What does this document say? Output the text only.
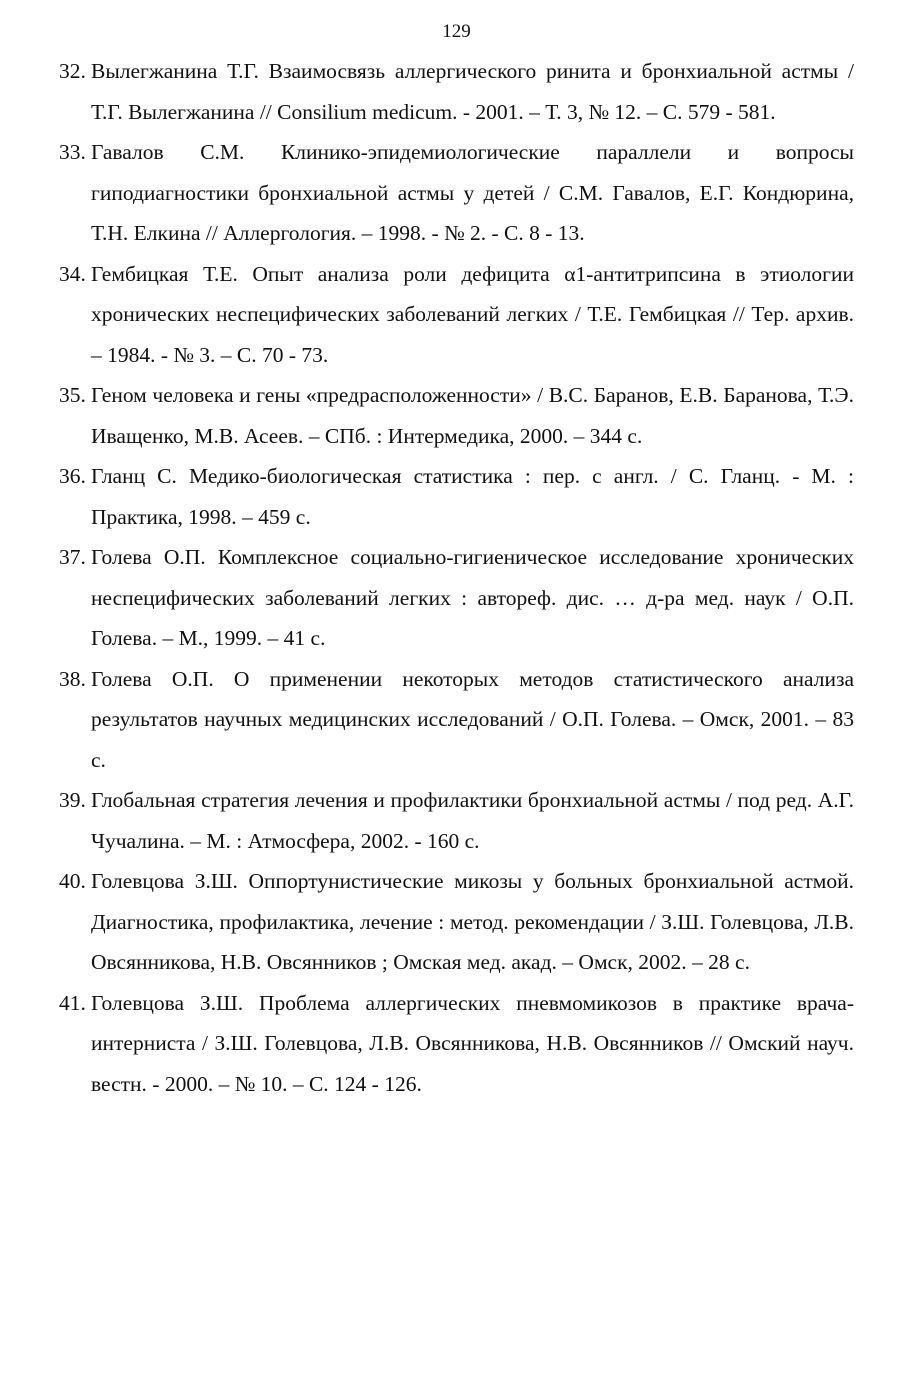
129
32. Вылегжанина Т.Г. Взаимосвязь аллергического ринита и бронхиальной астмы / Т.Г. Вылегжанина // Consilium medicum. - 2001. – Т. 3, № 12. – С. 579 - 581.
33. Гавалов С.М. Клинико-эпидемиологические параллели и вопросы гиподиагностики бронхиальной астмы у детей / С.М. Гавалов, Е.Г. Кондюрина, Т.Н. Елкина // Аллергология. – 1998. - № 2. - С. 8 - 13.
34. Гембицкая Т.Е. Опыт анализа роли дефицита α1-антитрипсина в этиологии хронических неспецифических заболеваний легких / Т.Е. Гембицкая // Тер. архив. – 1984. - № 3. – С. 70 - 73.
35. Геном человека и гены «предрасположенности» / В.С. Баранов, Е.В. Баранова, Т.Э. Иващенко, М.В. Асеев. – СПб. : Интермедика, 2000. – 344 с.
36. Гланц С. Медико-биологическая статистика : пер. с англ. / С. Гланц. - М. : Практика, 1998. – 459 с.
37. Голева О.П. Комплексное социально-гигиеническое исследование хронических неспецифических заболеваний легких : автореф. дис. … д-ра мед. наук / О.П. Голева. – М., 1999. – 41 с.
38. Голева О.П. О применении некоторых методов статистического анализа результатов научных медицинских исследований / О.П. Голева. – Омск, 2001. – 83 с.
39. Глобальная стратегия лечения и профилактики бронхиальной астмы / под ред. А.Г. Чучалина. – М. : Атмосфера, 2002. - 160 с.
40. Голевцова З.Ш. Оппортунистические микозы у больных бронхиальной астмой. Диагностика, профилактика, лечение : метод. рекомендации / З.Ш. Голевцова, Л.В. Овсянникова, Н.В. Овсянников ; Омская мед. акад. – Омск, 2002. – 28 с.
41. Голевцова З.Ш. Проблема аллергических пневмомикозов в практике врача-интерниста / З.Ш. Голевцова, Л.В. Овсянникова, Н.В. Овсянников // Омский науч. вестн. - 2000. – № 10. – С. 124 - 126.
